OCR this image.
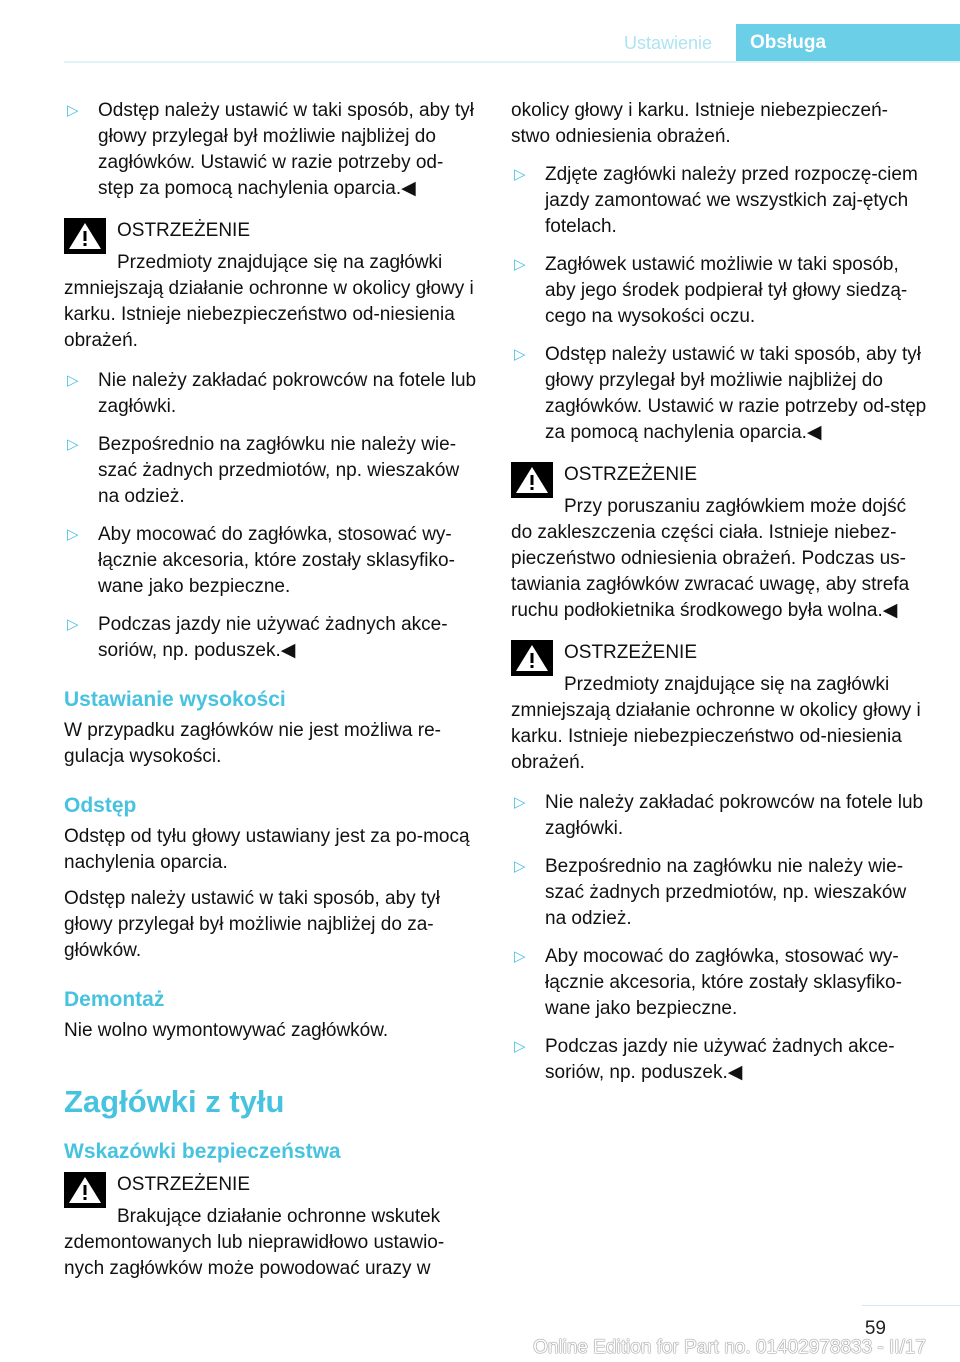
Ustawienie	Obsługa
▷ Odstęp należy ustawić w taki sposób, aby tył głowy przylegał był możliwie najbliżej do zagłówków. Ustawić w razie potrzeby od‐stęp za pomocą nachylenia oparcia.◀

OSTRZEŻENIE

Przedmioty znajdujące się na zagłówki zmniejszają działanie ochronne w okolicy głowy i karku. Istnieje niebezpieczeństwo od‐niesienia obrażeń.

▷ Nie należy zakładać pokrowców na fotele lub zagłówki.
▷ Bezpośrednio na zagłówku nie należy wie‐szać żadnych przedmiotów, np. wieszaków na odzież.
▷ Aby mocować do zagłówka, stosować wy‐łącznie akcesoria, które zostały sklasyfiko‐wane jako bezpieczne.
▷ Podczas jazdy nie używać żadnych akce‐soriów, np. poduszek.◀
Ustawianie wysokości

W przypadku zagłówków nie jest możliwa re‐gulacja wysokości.

Odstęp

Odstęp od tyłu głowy ustawiany jest za po‐mocą nachylenia oparcia.

Odstęp należy ustawić w taki sposób, aby tył głowy przylegał był możliwie najbliżej do za‐główków.

Demontaż

Nie wolno wymontowywać zagłówków.

Zagłówki z tyłu
Wskazówki bezpieczeństwa

OSTRZEŻENIE

Brakujące działanie ochronne wskutek zdemontowanych lub nieprawidłowo ustawio‐nych zagłówków może powodować urazy w

okolicy głowy i karku. Istnieje niebezpieczeń‐stwo odniesienia obrażeń.

▷ Zdjęte zagłówki należy przed rozpoczę‐ciem jazdy zamontować we wszystkich zaj‐ętych fotelach.
▷ Zagłówek ustawić możliwie w taki sposób, aby jego środek podpierał tył głowy siedzą‐cego na wysokości oczu.
▷ Odstęp należy ustawić w taki sposób, aby tył głowy przylegał był możliwie najbliżej do zagłówków. Ustawić w razie potrzeby od‐stęp za pomocą nachylenia oparcia.◀

OSTRZEŻENIE

Przy poruszaniu zagłówkiem może dojść do zakleszczenia części ciała. Istnieje niebez‐pieczeństwo odniesienia obrażeń. Podczas us‐tawiania zagłówków zwracać uwagę, aby strefa ruchu podłokietnika środkowego była wolna.◀

OSTRZEŻENIE

Przedmioty znajdujące się na zagłówki zmniejszają działanie ochronne w okolicy głowy i karku. Istnieje niebezpieczeństwo od‐niesienia obrażeń.

▷ Nie należy zakładać pokrowców na fotele lub zagłówki.
▷ Bezpośrednio na zagłówku nie należy wie‐szać żadnych przedmiotów, np. wieszaków na odzież.
▷ Aby mocować do zagłówka, stosować wy‐łącznie akcesoria, które zostały sklasyfiko‐wane jako bezpieczne.
▷ Podczas jazdy nie używać żadnych akce‐soriów, np. poduszek.◀
59
Online Edition for Part no. 01402978833 - II/17
